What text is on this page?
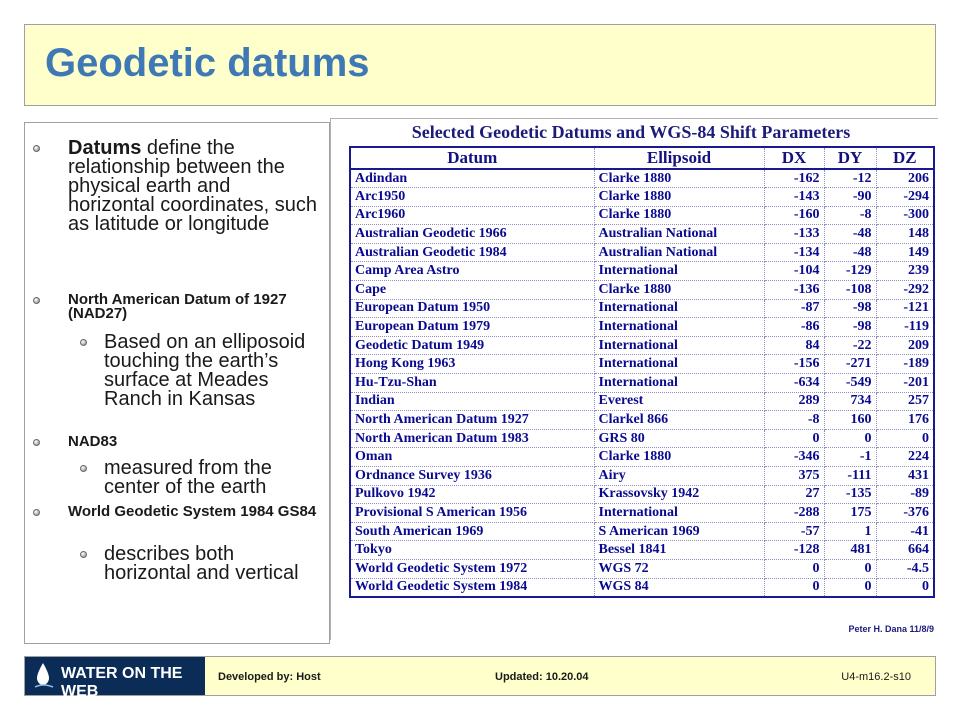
Geodetic datums
Datums define the relationship between the physical earth and horizontal coordinates, such as latitude or longitude
North American Datum of 1927 (NAD27)
Based on an elliposoid touching the earth’s surface at Meades Ranch in Kansas
NAD83
measured from the center of the earth
World Geodetic System 1984 GS84
describes both horizontal and vertical
Selected Geodetic Datums and WGS-84 Shift Parameters
Datum	Ellipsoid	DX	DY	DZ
Adindan	Clarke 1880	-162	-12	206
Arc1950	Clarke 1880	-143	-90	-294
Arc1960	Clarke 1880	-160	-8	-300
Australian Geodetic 1966	Australian National	-133	-48	148
Australian Geodetic 1984	Australian National	-134	-48	149
Camp Area Astro	International	-104	-129	239
Cape	Clarke 1880	-136	-108	-292
European Datum 1950	International	-87	-98	-121
European Datum 1979	International	-86	-98	-119
Geodetic Datum 1949	International	84	-22	209
Hong Kong 1963	International	-156	-271	-189
Hu-Tzu-Shan	International	-634	-549	-201
Indian	Everest	289	734	257
North American Datum 1927	Clarkel 866	-8	160	176
North American Datum 1983	GRS 80	0	0	0
Oman	Clarke 1880	-346	-1	224
Ordnance Survey 1936	Airy	375	-111	431
Pulkovo 1942	Krassovsky 1942	27	-135	-89
Provisional S American 1956	International	-288	175	-376
South American 1969	S American 1969	-57	1	-41
Tokyo	Bessel 1841	-128	481	664
World Geodetic System 1972	WGS 72	0	0	-4.5
World Geodetic System 1984	WGS 84	0	0	0
Peter H. Dana 11/8/9
WATER ON THE WEB
Developed by: Host	Updated: 10.20.04	U4-m16.2-s10
